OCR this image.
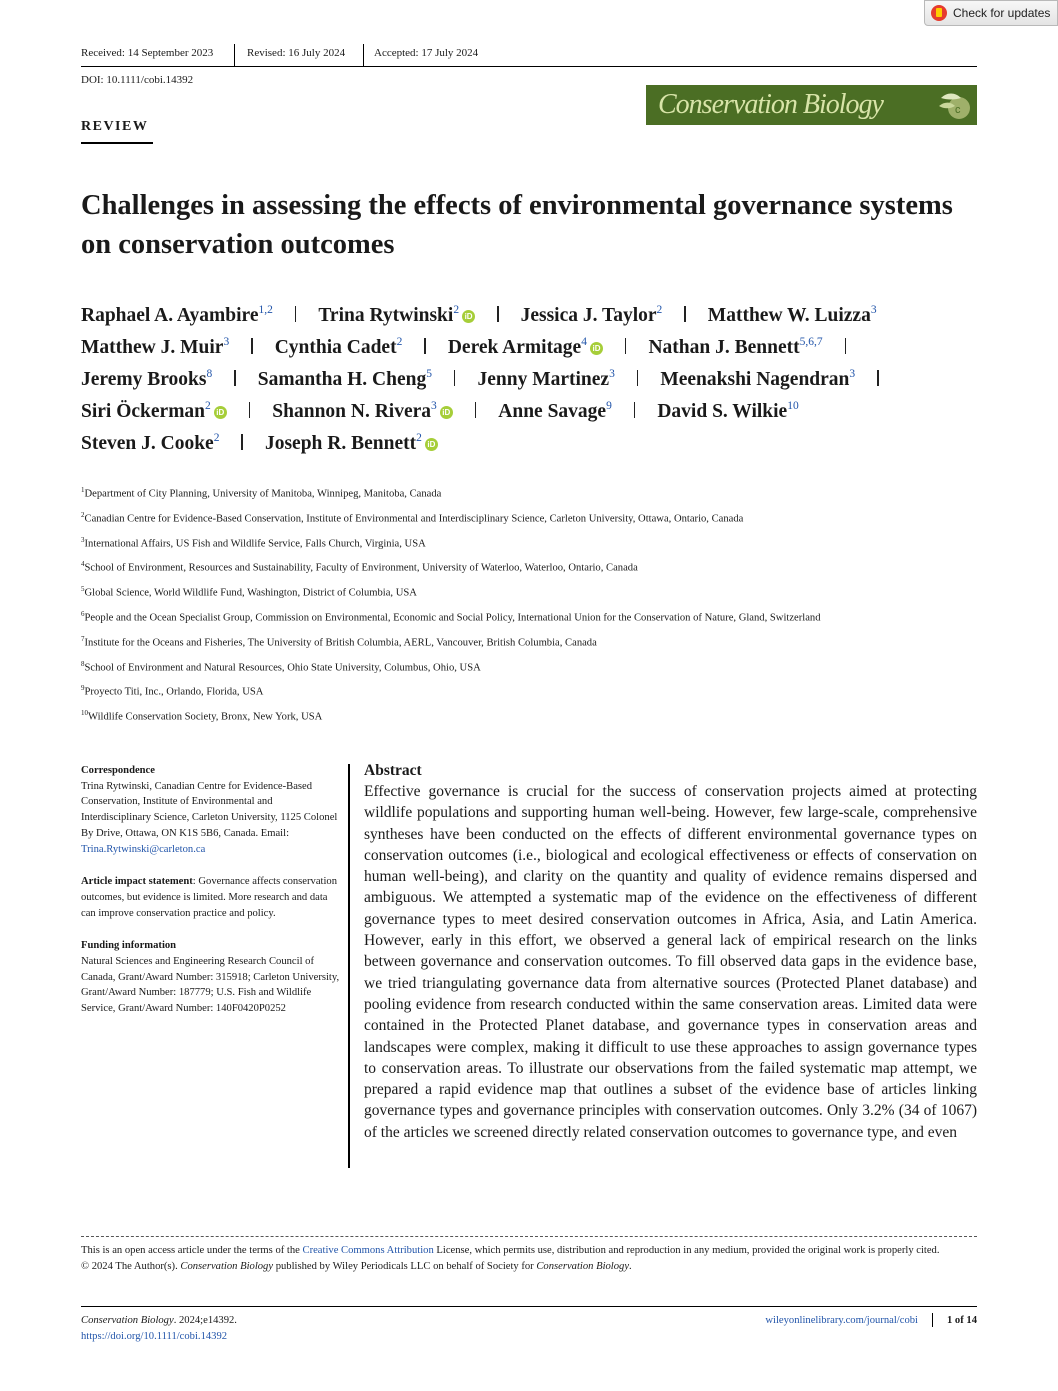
Check for updates
Received: 14 September 2023	Revised: 16 July 2024	Accepted: 17 July 2024
DOI: 10.1111/cobi.14392
Conservation Biology	c
REVIEW
Challenges in assessing the effects of environmental governance systems on conservation outcomes
Raphael A. Ayambire$^{1,2}$ Trina Rytwinski$^2$iD Jessica J. Taylor$^2$ Matthew W. Luizza$^3$
Matthew J. Muir$^3$ Cynthia Cadet$^2$ Derek Armitage$^4$iD Nathan J. Bennett$^{5,6,7}$
Jeremy Brooks$^8$ Samantha H. Cheng$^5$ Jenny Martinez$^3$ Meenakshi Nagendran$^3$
Siri Öckerman$^2$iD Shannon N. Rivera$^3$iD Anne Savage$^9$ David S. Wilkie$^{10}$
Steven J. Cooke$^2$ Joseph R. Bennett$^2$iD
$^1$Department of City Planning, University of Manitoba, Winnipeg, Manitoba, Canada
$^2$Canadian Centre for Evidence-Based Conservation, Institute of Environmental and Interdisciplinary Science, Carleton University, Ottawa, Ontario, Canada
$^3$International Affairs, US Fish and Wildlife Service, Falls Church, Virginia, USA
$^4$School of Environment, Resources and Sustainability, Faculty of Environment, University of Waterloo, Waterloo, Ontario, Canada
$^5$Global Science, World Wildlife Fund, Washington, District of Columbia, USA
$^6$People and the Ocean Specialist Group, Commission on Environmental, Economic and Social Policy, International Union for the Conservation of Nature, Gland, Switzerland
$^7$Institute for the Oceans and Fisheries, The University of British Columbia, AERL, Vancouver, British Columbia, Canada
$^8$School of Environment and Natural Resources, Ohio State University, Columbus, Ohio, USA
$^9$Proyecto Titi, Inc., Orlando, Florida, USA
$^{10}$Wildlife Conservation Society, Bronx, New York, USA
Correspondence

Trina Rytwinski, Canadian Centre for Evidence-Based Conservation, Institute of Environmental and Interdisciplinary Science, Carleton University, 1125 Colonel By Drive, Ottawa, ON K1S 5B6, Canada. Email:
Trina.Rytwinski@carleton.ca

Article impact statement: Governance affects conservation outcomes, but evidence is limited. More research and data can improve conservation practice and policy.

Funding information

Natural Sciences and Engineering Research Council of Canada, Grant/Award Number: 315918; Carleton University, Grant/Award Number: 187779; U.S. Fish and Wildlife Service, Grant/Award Number: 140F0420P0252

Abstract

Effective governance is crucial for the success of conservation projects aimed at protecting wildlife populations and supporting human well-being. However, few large-scale, comprehensive syntheses have been conducted on the effects of different environmental governance types on conservation outcomes (i.e., biological and ecological effectiveness or effects of conservation on human well-being), and clarity on the quantity and quality of evidence remains dispersed and ambiguous. We attempted a systematic map of the evidence on the effectiveness of different governance types to meet desired conservation outcomes in Africa, Asia, and Latin America. However, early in this effort, we observed a general lack of empirical research on the links between governance and conservation outcomes. To fill observed data gaps in the evidence base, we tried triangulating governance data from alternative sources (Protected Planet database) and pooling evidence from research conducted within the same conservation areas. Limited data were contained in the Protected Planet database, and governance types in conservation areas and landscapes were complex, making it difficult to use these approaches to assign governance types to conservation areas. To illustrate our observations from the failed systematic map attempt, we prepared a rapid evidence map that outlines a subset of the evidence base of articles linking governance types and governance principles with conservation outcomes. Only 3.2% (34 of 1067) of the articles we screened directly related conservation outcomes to governance type, and even

This is an open access article under the terms of the Creative Commons Attribution License, which permits use, distribution and reproduction in any medium, provided the original work is properly cited.

© 2024 The Author(s). Conservation Biology published by Wiley Periodicals LLC on behalf of Society for Conservation Biology.

Conservation Biology. 2024;e14392.
https://doi.org/10.1111/cobi.14392
wileyonlinelibrary.com/journal/cobi	1 of 14
